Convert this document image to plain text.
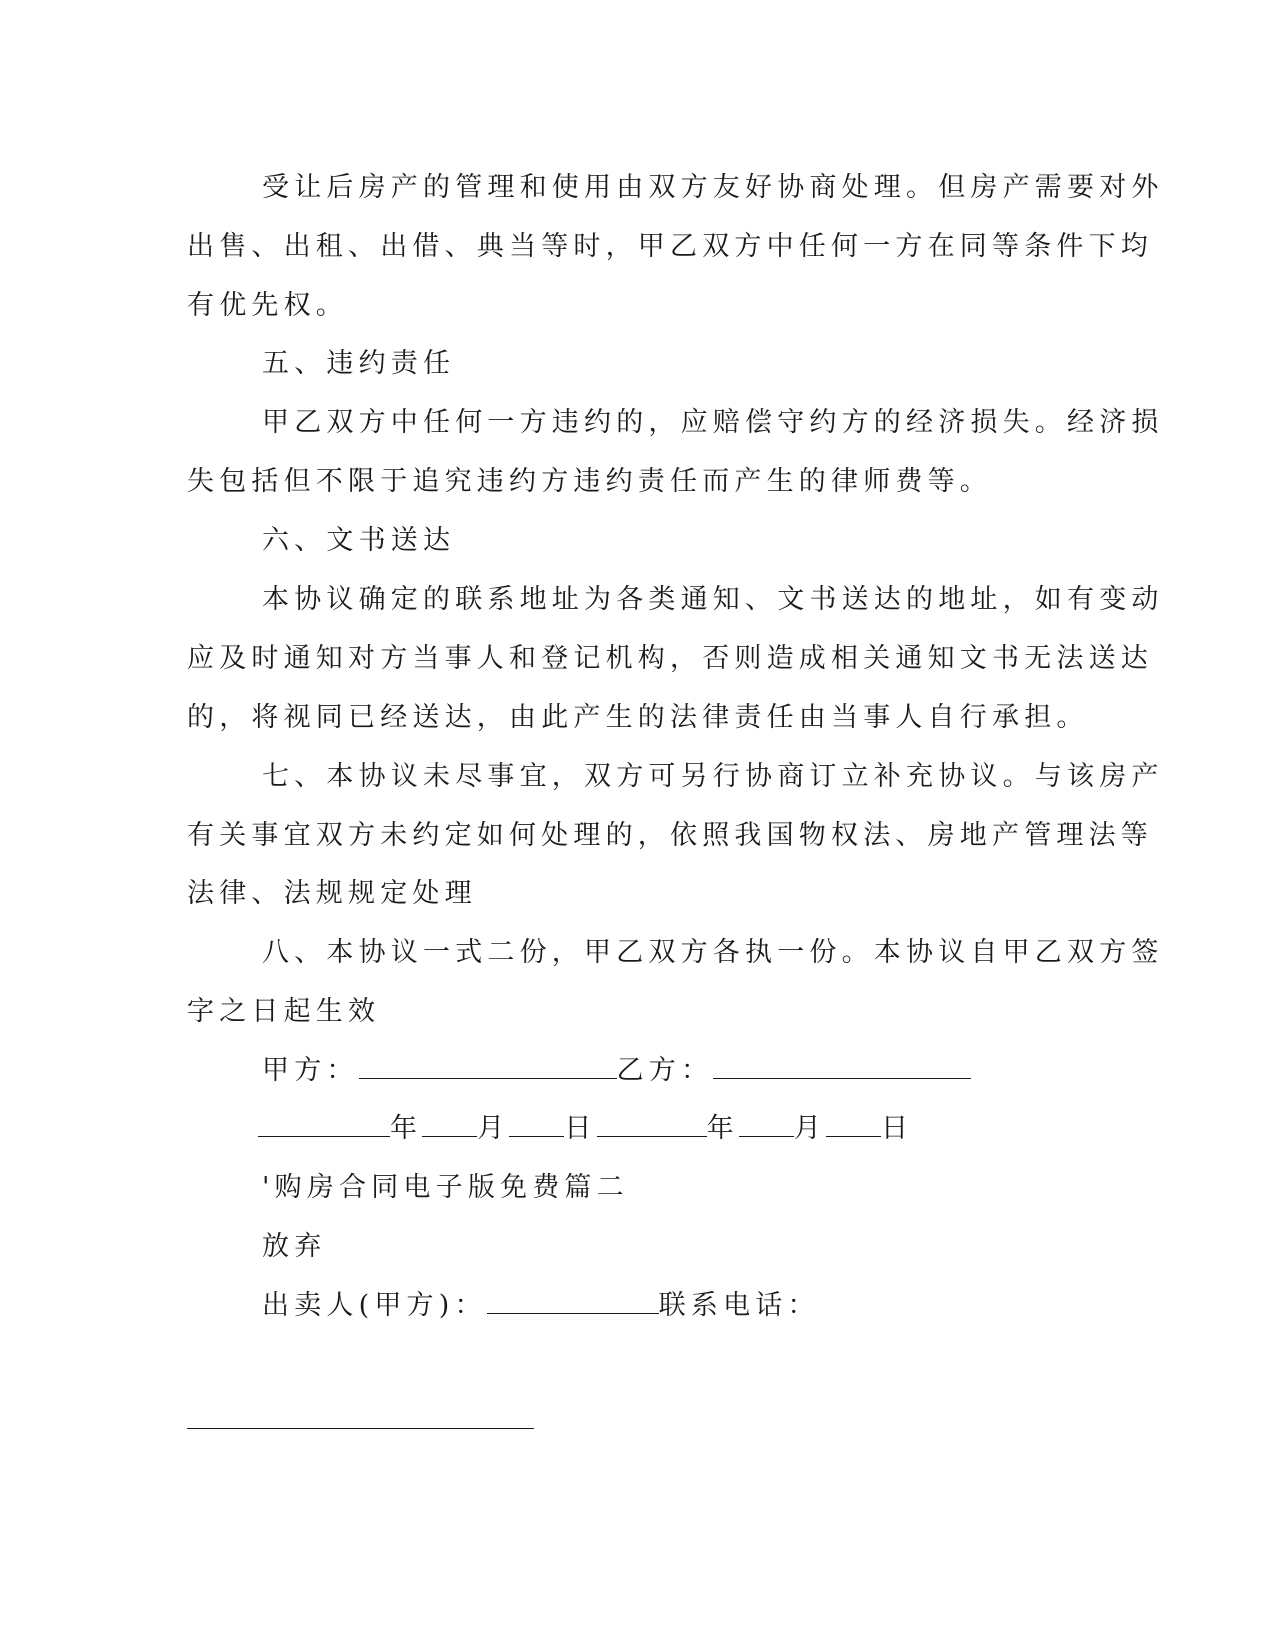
受让后房产的管理和使用由双方友好协商处理。但房产需要对外
出售、出租、出借、典当等时，甲乙双方中任何一方在同等条件下均
有优先权。
五、违约责任
甲乙双方中任何一方违约的，应赔偿守约方的经济损失。经济损
失包括但不限于追究违约方违约责任而产生的律师费等。
六、文书送达
本协议确定的联系地址为各类通知、文书送达的地址，如有变动
应及时通知对方当事人和登记机构，否则造成相关通知文书无法送达
的，将视同已经送达，由此产生的法律责任由当事人自行承担。
七、本协议未尽事宜，双方可另行协商订立补充协议。与该房产
有关事宜双方未约定如何处理的，依照我国物权法、房地产管理法等
法律、法规规定处理
八、本协议一式二份，甲乙双方各执一份。本协议自甲乙双方签
字之日起生效
甲方：	乙方：
年 月 日	年 月 日
'购房合同电子版免费篇二
放弃
出卖人(甲方)：	联系电话：
